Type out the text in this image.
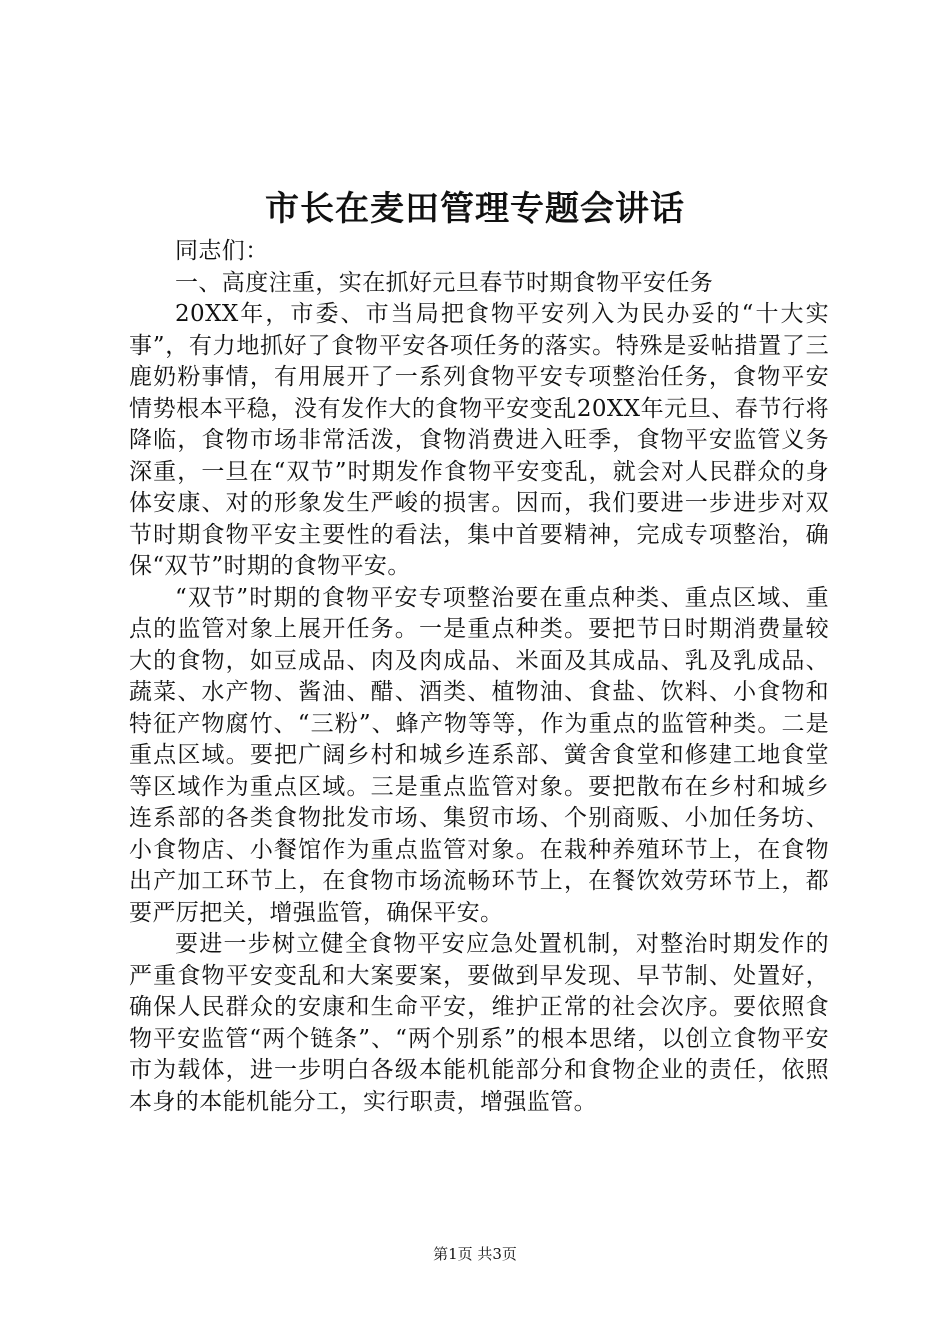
市长在麦田管理专题会讲话

同志们：

一、高度注重，实在抓好元旦春节时期食物平安任务

20XX年，市委、市当局把食物平安列入为民办妥的“十大实事”，有力地抓好了食物平安各项任务的落实。特殊是妥帖措置了三鹿奶粉事情，有用展开了一系列食物平安专项整治任务，食物平安情势根本平稳，没有发作大的食物平安变乱20XX年元旦、春节行将降临，食物市场非常活泼，食物消费进入旺季，食物平安监管义务深重，一旦在“双节”时期发作食物平安变乱，就会对人民群众的身体安康、对的形象发生严峻的损害。因而，我们要进一步进步对双节时期食物平安主要性的看法，集中首要精神，完成专项整治，确保“双节”时期的食物平安。

“双节”时期的食物平安专项整治要在重点种类、重点区域、重点的监管对象上展开任务。一是重点种类。要把节日时期消费量较大的食物，如豆成品、肉及肉成品、米面及其成品、乳及乳成品、蔬菜、水产物、酱油、醋、酒类、植物油、食盐、饮料、小食物和特征产物腐竹、“三粉”、蜂产物等等，作为重点的监管种类。二是重点区域。要把广阔乡村和城乡连系部、黉舍食堂和修建工地食堂等区域作为重点区域。三是重点监管对象。要把散布在乡村和城乡连系部的各类食物批发市场、集贸市场、个别商贩、小加任务坊、小食物店、小餐馆作为重点监管对象。在栽种养殖环节上，在食物出产加工环节上，在食物市场流畅环节上，在餐饮效劳环节上，都要严厉把关，增强监管，确保平安。

要进一步树立健全食物平安应急处置机制，对整治时期发作的严重食物平安变乱和大案要案，要做到早发现、早节制、处置好，确保人民群众的安康和生命平安，维护正常的社会次序。要依照食物平安监管“两个链条”、“两个别系”的根本思绪，以创立食物平安市为载体，进一步明白各级本能机能部分和食物企业的责任，依照本身的本能机能分工，实行职责，增强监管。

第1页 共3页
